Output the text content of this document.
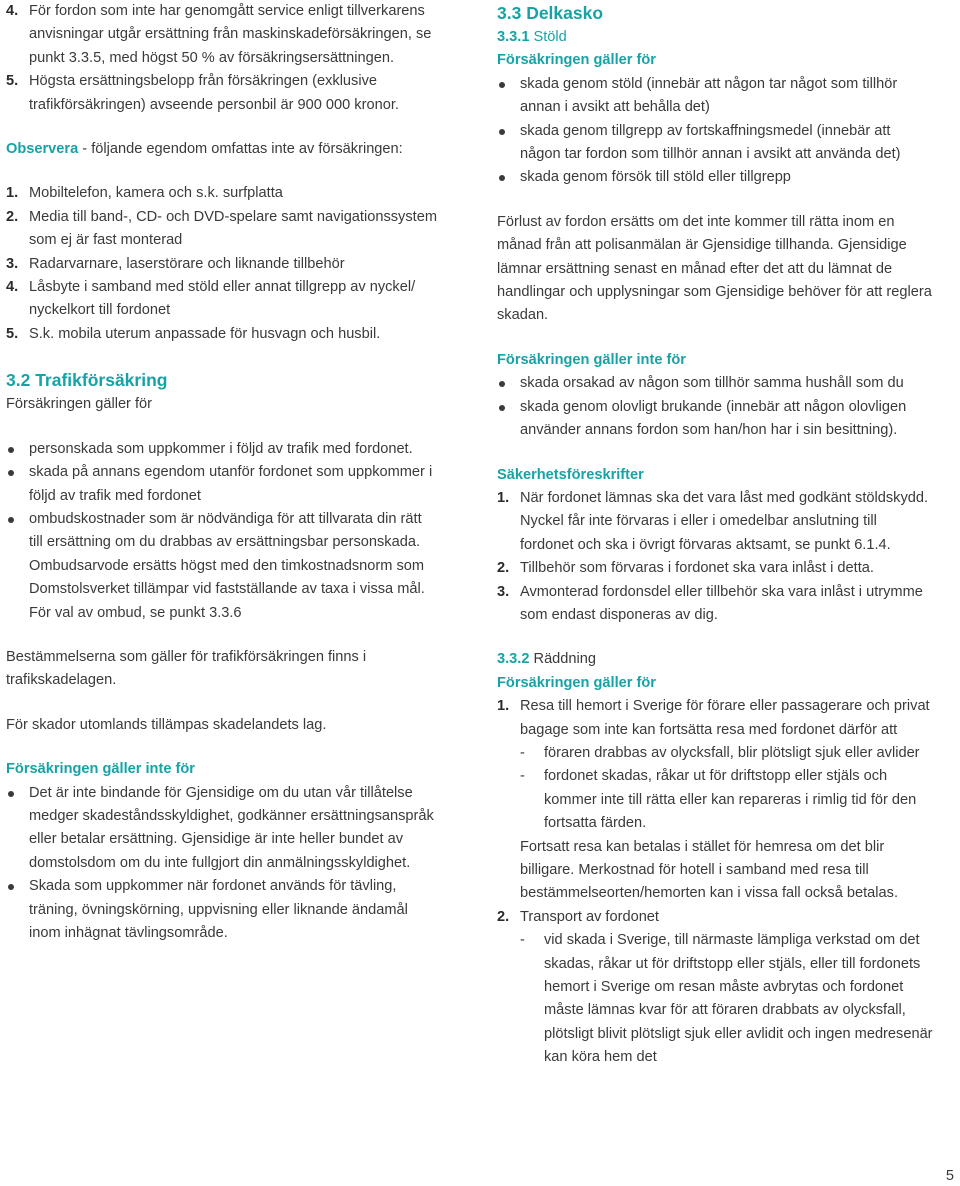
4. För fordon som inte har genomgått service enligt tillverkarens
anvisningar utgår ersättning från maskinskadeförsäkringen, se
punkt 3.3.5, med högst 50 % av försäkringsersättningen.
5. Högsta ersättningsbelopp från försäkringen (exklusive
trafikförsäkringen) avseende personbil är 900 000 kronor.
Observera - följande egendom omfattas inte av försäkringen:
1. Mobiltelefon, kamera och s.k. surfplatta
2. Media till band-, CD- och DVD-spelare samt navigationssystem
som ej är fast monterad
3. Radarvarnare, laserstörare och liknande tillbehör
4. Låsbyte i samband med stöld eller annat tillgrepp av nyckel/
nyckelkort till fordonet
5. S.k. mobila uterum anpassade för husvagn och husbil.
3.2 Trafikförsäkring
Försäkringen gäller för
personskada som uppkommer i följd av trafik med fordonet.
skada på annans egendom utanför fordonet som uppkommer i
följd av trafik med fordonet
ombudskostnader som är nödvändiga för att tillvarata din rätt
till ersättning om du drabbas av ersättningsbar personskada.
Ombudsarvode ersätts högst med den timkostnadsnorm som
Domstolsverket tillämpar vid fastställande av taxa i vissa mål.
För val av ombud, se punkt 3.3.6
Bestämmelserna som gäller för trafikförsäkringen finns i
trafikskadelagen.
För skador utomlands tillämpas skadelandets lag.
Försäkringen gäller inte för
Det är inte bindande för Gjensidige om du utan vår tillåtelse
medger skadeståndsskyldighet, godkänner ersättningsanspråk
eller betalar ersättning. Gjensidige är inte heller bundet av
domstolsdom om du inte fullgjort din anmälningsskyldighet.
Skada som uppkommer när fordonet används för tävling,
träning, övningskörning, uppvisning eller liknande ändamål
inom inhägnat tävlingsområde.
3.3 Delkasko
3.3.1 Stöld
Försäkringen gäller för
skada genom stöld (innebär att någon tar något som tillhör
annan i avsikt att behålla det)
skada genom tillgrepp av fortskaffningsmedel (innebär att
någon tar fordon som tillhör annan i avsikt att använda det)
skada genom försök till stöld eller tillgrepp
Förlust av fordon ersätts om det inte kommer till rätta inom en
månad från att polisanmälan är Gjensidige tillhanda. Gjensidige
lämnar ersättning senast en månad efter det att du lämnat de
handlingar och upplysningar som Gjensidige behöver för att reglera
skadan.
Försäkringen gäller inte för
skada orsakad av någon som tillhör samma hushåll som du
skada genom olovligt brukande (innebär att någon olovligen
använder annans fordon som han/hon har i sin besittning).
Säkerhetsföreskrifter
1. När fordonet lämnas ska det vara låst med godkänt stöldskydd.
Nyckel får inte förvaras i eller i omedelbar anslutning till
fordonet och ska i övrigt förvaras aktsamt, se punkt 6.1.4.
2. Tillbehör som förvaras i fordonet ska vara inlåst i detta.
3. Avmonterad fordonsdel eller tillbehör ska vara inlåst i utrymme
som endast disponeras av dig.
3.3.2 Räddning
Försäkringen gäller för
1. Resa till hemort i Sverige för förare eller passagerare och privat
bagage som inte kan fortsätta resa med fordonet därför att
- föraren drabbas av olycksfall, blir plötsligt sjuk eller avlider
- fordonet skadas, råkar ut för driftstopp eller stjäls och
kommer inte till rätta eller kan repareras i rimlig tid för den
fortsatta färden.
Fortsatt resa kan betalas i stället för hemresa om det blir
billigare. Merkostnad för hotell i samband med resa till
bestämmelseorten/hemorten kan i vissa fall också betalas.
2. Transport av fordonet
- vid skada i Sverige, till närmaste lämpliga verkstad om det
skadas, råkar ut för driftstopp eller stjäls, eller till fordonets
hemort i Sverige om resan måste avbrytas och fordonet
måste lämnas kvar för att föraren drabbats av olycksfall,
plötsligt blivit plötsligt sjuk eller avlidit och ingen medresenär
kan köra hem det
5
